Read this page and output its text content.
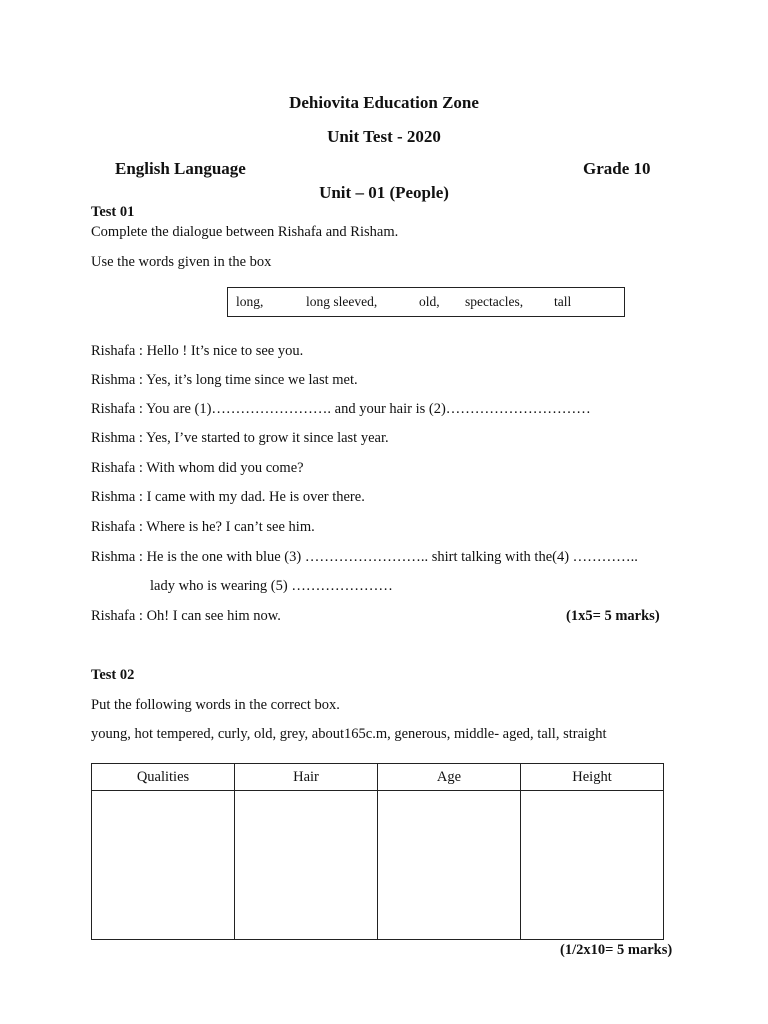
Dehiovita Education Zone
Unit Test - 2020
English Language	Grade 10
Unit – 01 (People)
Test 01
Complete the dialogue between Rishafa and Risham.
Use the words given in the box
long,	long sleeved,	old, spectacles, tall
Rishafa : Hello ! It’s nice to see you.
Rishma : Yes, it’s long time since we last met.
Rishafa : You are (1)……………………. and your hair is (2)…………………………
Rishma : Yes, I’ve started to grow it since last year.
Rishafa : With whom did you come?
Rishma : I came with my dad. He is over there.
Rishafa : Where is he? I can’t see him.
Rishma : He is the one with blue (3) …………………….. shirt talking with the(4) …………..
lady who is wearing (5) …………………
Rishafa : Oh! I can see him now.	(1x5= 5 marks)
Test 02
Put the following words in the correct box.
young, hot tempered, curly, old, grey, about165c.m, generous, middle- aged, tall, straight
Qualities	Hair	Age	Height

(1/2x10= 5 marks)
